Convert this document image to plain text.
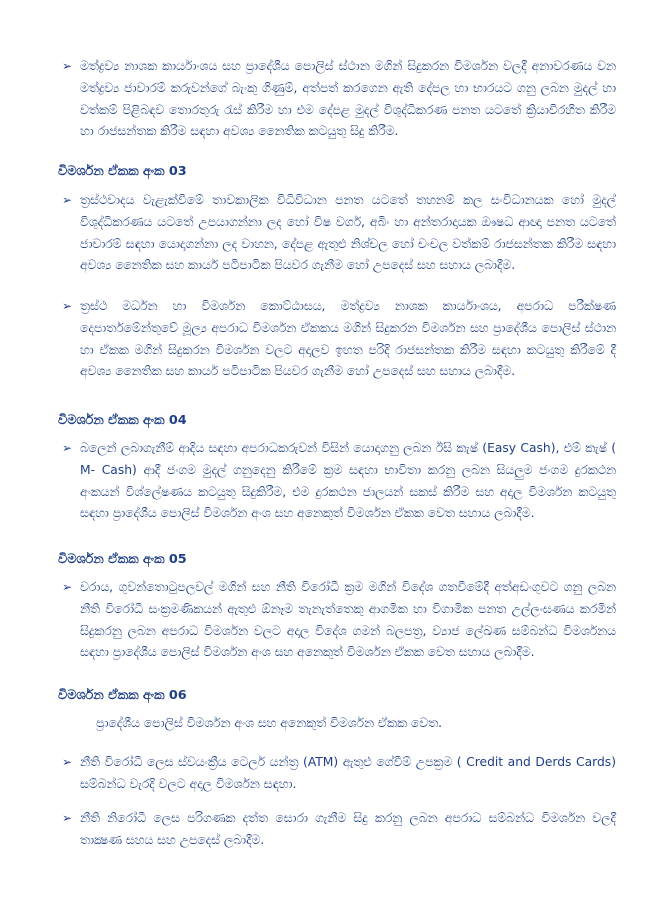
➢ මත්ද්‍රව්‍ය නාශක කාර්යාංශය සහ ප්‍රාදේශීය පොලිස් ස්ථාන මගින් සිදුකරන විමර්ශන වලදී අනාවරණය වන මත්ද්‍රව්‍ය ජාවාරම් කරුවන්ගේ බැංකු ගිණුම්, අත්පත් කරගෙන ඇති දේපල හා භාරයට ගනු ලබන මුදල් හා වත්කම් පිළිබඳව තොරතුරු රැස් කිරීම හා එම දේපළ මුදල් විශුද්ධිකරණ පනත යටතේ ක්‍රියාවිරහිත කිරීම හා රාජසන්තක කිරීම සඳහා අවශ්‍ය නෛතික කටයුතු සිදු කිරීම.
විමර්ශන ඒකක අංක 03
➢ ත්‍රස්ථවාදය වැළැක්වීමේ තාවකාලික විධිවිධාන පනත යටතේ තහනම් කල සංවිධානයක හෝ මුදල් විශුද්ධිකරණය යටතේ උපයාගන්නා ලද හෝ විෂ වර්ග, අබිං හා අන්තරාදායක ඖෂධ ආඥා පනත යටතේ ජාවාරම් සඳහා යොදාගන්නා ලද වාහන, දේපළ ඇතුළු නිශ්චල හෝ චංචල වත්කම් රාජසන්තක කිරීම සඳහා අවශ්‍ය නෛතික සහ කාර්ය පටිපාටික පියවර ගැනීම හෝ උපදෙස් සහ සහාය ලබාදීම.
➢ ත්‍රස්ථ මර්ධන හා විමර්ශන කොට්ඨාසය, මත්ද්‍රව්‍ය නාශක කාර්යාංශය, අපරාධ පරීක්ෂණ දෙපාර්තමේන්තුවේ මූල්‍ය අපරාධ විමර්ශන ඒකකය මගින් සිදුකරන විමර්ශන සහ ප්‍රාදේශීය පොලිස් ස්ථාන හා ඒකක මගින් සිදුකරන විමර්ශන වලට අදාලව ඉහත පරිදි රාජසන්තක කිරීම සඳහා කටයුතු කිරීමේ දී අවශ්‍ය නෛතික සහ කාර්ය පටිපාටික පියවර ගැනීම හෝ උපදෙස් සහ සහාය ලබාදීම.
විමර්ශන ඒකක අංක 04
➢ බලෙන් ලබාගැනීම් ආදිය සඳහා අපරාධකරුවන් විසින් යොදාගනු ලබන ඊසි කැෂ් (Easy Cash), එම් කැෂ් ( M- Cash) ආදී ජංගම මුදල් ගනුදෙනු කිරීමේ ක්‍රම සඳහා භාවිතා කරනු ලබන සියලුම ජංගම දුරකථන අංකයන් විශ්ලේෂණය කටයුතු සිදුකිරීම, එම දුරකථන ජාලයන් සකස් කිරීම සහ අදාල විමර්ශන කටයුතු සඳහා ප්‍රාදේශීය පොලිස් විමර්ශන අංශ සහ අනෙකුත් විමර්ශන ඒකක වෙත සහාය ලබාදීම.
විමර්ශන ඒකක අංක 05
➢ වරාය, ගුවන්තොටුපලවල් මගින් සහ නීති විරෝධී ක්‍රම මගින් විදේශ ගතවීමේදී අත්අඩංගුවට ගනු ලබන නීති විරෝධී සංක්‍රමණිකයන් ඇතුළු ඕනෑම තැනැත්තෙකු ආගමික හා විගාමික පනත උල්ලංඝණය කරමින් සිදුකරනු ලබන අපරාධ විමර්ශන වලට අදාල විදේශ ගමන් බලපත්‍ර, ව්‍යාජ ලේඛණ සම්බන්ධ විමර්ශනය සඳහා ප්‍රාදේශීය පොලිස් විමර්ශන අංශ සහ අනෙකුත් විමර්ශන ඒකක වෙත සහාය ලබාදීම.
විමර්ශන ඒකක අංක 06
ප්‍රාදේශීය පොලිස් විමර්ශන අංශ සහ අනෙකුත් විමර්ශන ඒකක වෙත.
➢ නීති විරෝධී ලෙස ස්වයංක්‍රීය ටෙලර් යන්ත්‍ර (ATM) ඇතුළු ගේවීම් උපක්‍රම ( Credit and Derds Cards) සම්බන්ධ වැරදි වලට අදාල විමර්ශන සඳහා.
➢ නීති නිරෝධී ලෙස පරිගණක දත්ත සොරා ගැනීම සිදු කරනු ලබන අපරාධ සම්බන්ධ විමර්ශන වලදී තාක්‍ෂණ සහය සහ උපදෙස් ලබාදීම.
